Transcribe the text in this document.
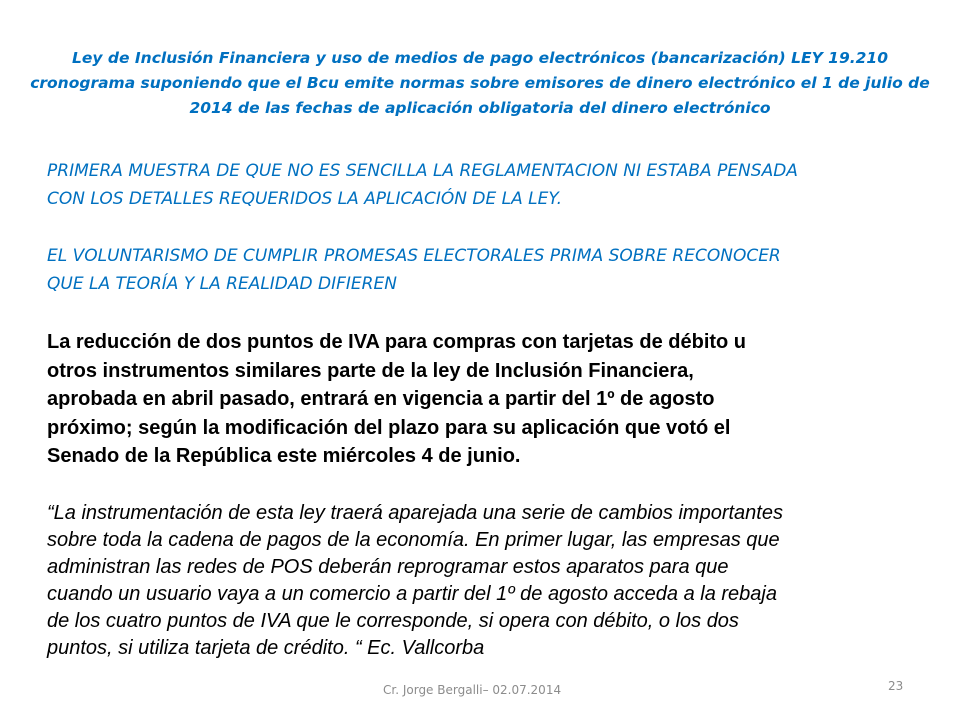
Ley de Inclusión Financiera y uso de medios de pago electrónicos (bancarización) LEY 19.210
cronograma suponiendo que el Bcu emite normas sobre emisores de dinero electrónico el 1 de julio de
2014 de las fechas de aplicación obligatoria del dinero electrónico
PRIMERA MUESTRA DE QUE NO ES SENCILLA LA REGLAMENTACION NI ESTABA PENSADA
CON LOS DETALLES REQUERIDOS LA APLICACIÓN DE LA LEY.
EL VOLUNTARISMO DE CUMPLIR PROMESAS ELECTORALES PRIMA SOBRE RECONOCER
QUE LA TEORÍA Y LA REALIDAD DIFIEREN
La reducción de dos puntos de IVA para compras con tarjetas de débito u
otros instrumentos similares parte de la ley de Inclusión Financiera,
aprobada en abril pasado, entrará en vigencia a partir del 1º de agosto
próximo; según la modificación del plazo para su aplicación que votó el
Senado de la República este miércoles 4 de junio.
“La instrumentación de esta ley traerá aparejada una serie de cambios importantes
sobre toda la cadena de pagos de la economía. En primer lugar, las empresas que
administran las redes de POS deberán reprogramar estos aparatos para que
cuando un usuario vaya a un comercio a partir del 1º de agosto acceda a la rebaja
de los cuatro puntos de IVA que le corresponde, si opera con débito, o los dos
puntos, si utiliza tarjeta de crédito. “ Ec. Vallcorba
Cr. Jorge Bergalli– 02.07.2014	23
